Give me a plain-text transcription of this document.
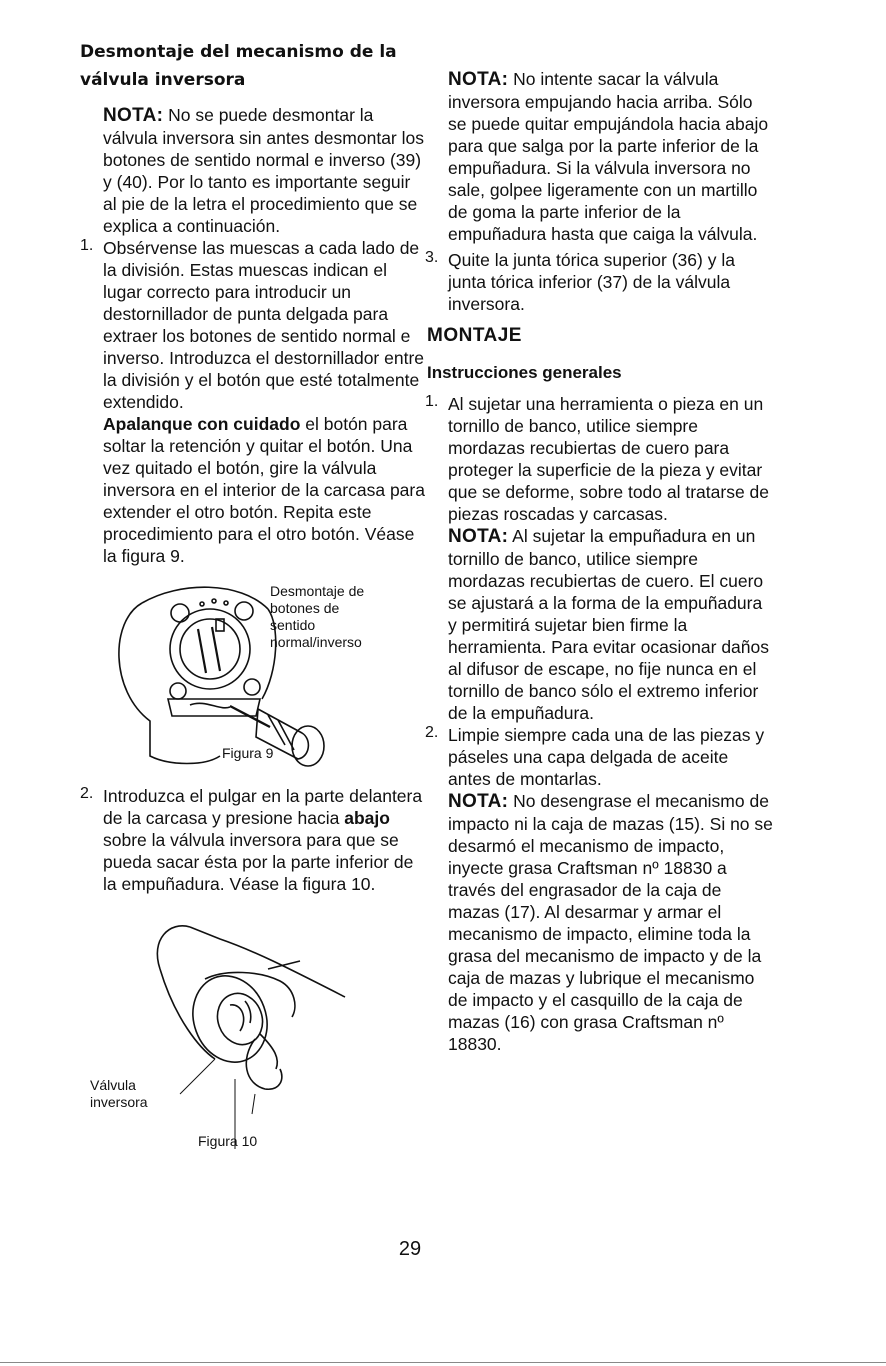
Desmontaje del mecanismo de la
válvula inversora

NOTA: No se puede desmontar la válvula inversora sin antes desmontar los botones de sentido normal e inverso (39) y (40). Por lo tanto es importante seguir al pie de la letra el procedimiento que se explica a continuación.

1. Obsérvense las muescas a cada lado de la división. Estas muescas indican el lugar correcto para introducir un destornillador de punta delgada para extraer los botones de sentido normal e inverso. Introduzca el destornillador entre la división y el botón que esté totalmente extendido.

Apalanque con cuidado el botón para soltar la retención y quitar el botón. Una vez quitado el botón, gire la válvula inversora en el interior de la carcasa para extender el otro botón. Repita este procedimiento para el otro botón. Véase la figura 9.

Desmontaje de
botones de
sentido
normal/inverso
Figura 9
2. Introduzca el pulgar en la parte delantera de la carcasa y presione hacia abajo sobre la válvula inversora para que se pueda sacar ésta por la parte inferior de la empuñadura. Véase la figura 10.

Válvula
inversora
Figura 10

NOTA: No intente sacar la válvula inversora empujando hacia arriba. Sólo se puede quitar empujándola hacia abajo para que salga por la parte inferior de la empuñadura. Si la válvula inversora no sale, golpee ligeramente con un martillo de goma la parte inferior de la empuñadura hasta que caiga la válvula.

3. Quite la junta tórica superior (36) y la junta tórica inferior (37) de la válvula inversora.

MONTAJE
Instrucciones generales
1. Al sujetar una herramienta o pieza en un tornillo de banco, utilice siempre mordazas recubiertas de cuero para proteger la superficie de la pieza y evitar que se deforme, sobre todo al tratarse de piezas roscadas y carcasas.

NOTA: Al sujetar la empuñadura en un tornillo de banco, utilice siempre mordazas recubiertas de cuero. El cuero se ajustará a la forma de la empuñadura y permitirá sujetar bien firme la herramienta. Para evitar ocasionar daños al difusor de escape, no fije nunca en el tornillo de banco sólo el extremo inferior de la empuñadura.

2. Limpie siempre cada una de las piezas y páseles una capa delgada de aceite antes de montarlas.

NOTA: No desengrase el mecanismo de impacto ni la caja de mazas (15). Si no se desarmó el mecanismo de impacto, inyecte grasa Craftsman nº 18830 a través del engrasador de la caja de mazas (17). Al desarmar y armar el mecanismo de impacto, elimine toda la grasa del mecanismo de impacto y de la caja de mazas y lubrique el mecanismo de impacto y el casquillo de la caja de mazas (16) con grasa Craftsman nº 18830.

29
